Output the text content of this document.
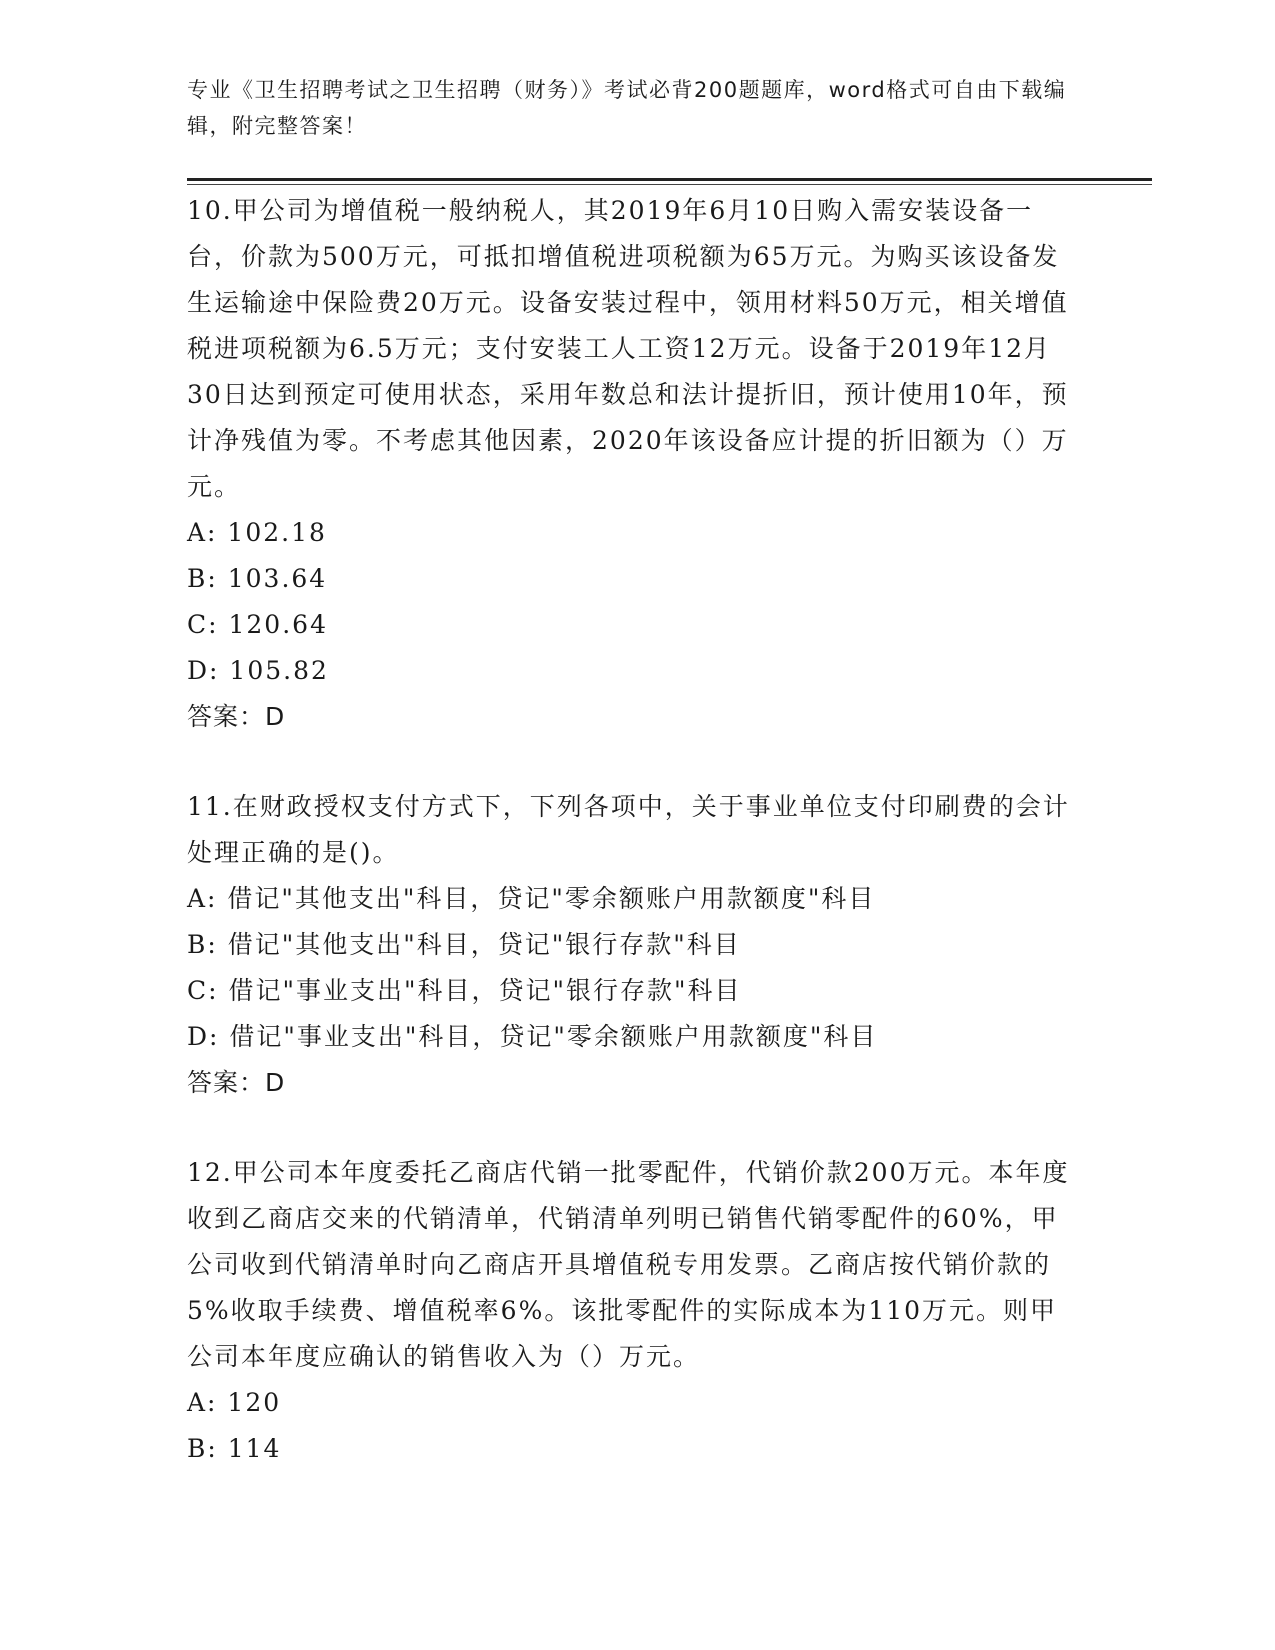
专业《卫生招聘考试之卫生招聘（财务）》考试必背200题题库，word格式可自由下载编辑，附完整答案！

10.甲公司为增值税一般纳税人，其2019年6月10日购入需安装设备一台，价款为500万元，可抵扣增值税进项税额为65万元。为购买该设备发生运输途中保险费20万元。设备安装过程中，领用材料50万元，相关增值税进项税额为6.5万元；支付安装工人工资12万元。设备于2019年12月30日达到预定可使用状态，采用年数总和法计提折旧，预计使用10年，预计净残值为零。不考虑其他因素，2020年该设备应计提的折旧额为（）万元。

A: 102.18

B: 103.64

C: 120.64

D: 105.82

答案：D

11.在财政授权支付方式下，下列各项中，关于事业单位支付印刷费的会计处理正确的是()。

A: 借记"其他支出"科目，贷记"零余额账户用款额度"科目

B: 借记"其他支出"科目，贷记"银行存款"科目

C: 借记"事业支出"科目，贷记"银行存款"科目

D: 借记"事业支出"科目，贷记"零余额账户用款额度"科目

答案：D

12.甲公司本年度委托乙商店代销一批零配件，代销价款200万元。本年度收到乙商店交来的代销清单，代销清单列明已销售代销零配件的60%，甲公司收到代销清单时向乙商店开具增值税专用发票。乙商店按代销价款的5%收取手续费、增值税率6%。该批零配件的实际成本为110万元。则甲公司本年度应确认的销售收入为（）万元。

A: 120

B: 114
